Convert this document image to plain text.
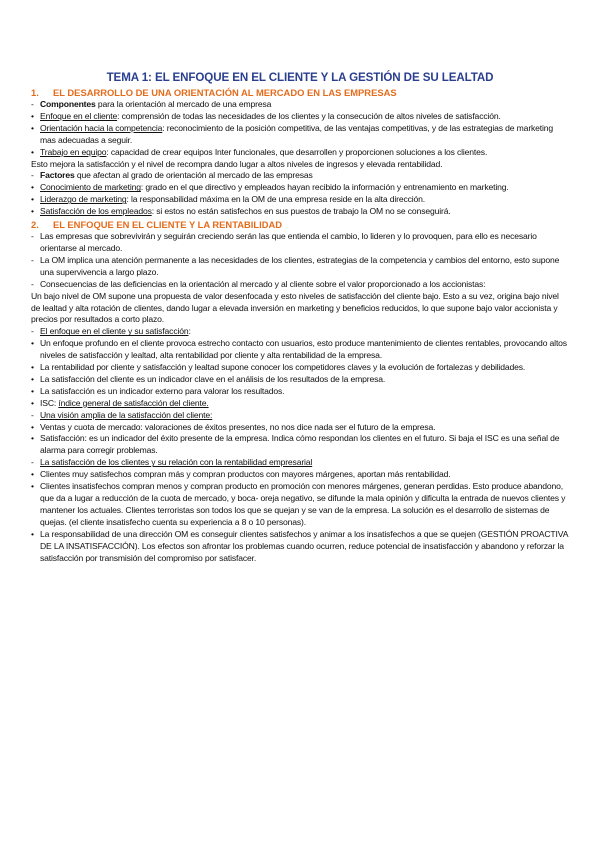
TEMA 1: EL ENFOQUE EN EL CLIENTE Y LA GESTIÓN DE SU LEALTAD
1.	EL DESARROLLO DE UNA ORIENTACIÓN AL MERCADO EN LAS EMPRESAS
- Componentes para la orientación al mercado de una empresa
• Enfoque en el cliente: comprensión de todas las necesidades de los clientes y la consecución de altos niveles de satisfacción.
• Orientación hacia la competencia: reconocimiento de la posición competitiva, de las ventajas competitivas, y de las estrategias de marketing mas adecuadas a seguir.
• Trabajo en equipo: capacidad de crear equipos Inter funcionales, que desarrollen y proporcionen soluciones a los clientes.
Esto mejora la satisfacción y el nivel de recompra dando lugar a altos niveles de ingresos y elevada rentabilidad.
- Factores que afectan al grado de orientación al mercado de las empresas
• Conocimiento de marketing: grado en el que directivo y empleados hayan recibido la información y entrenamiento en marketing.
• Liderazgo de marketing: la responsabilidad máxima en la OM de una empresa reside en la alta dirección.
• Satisfacción de los empleados: si estos no están satisfechos en sus puestos de trabajo la OM no se conseguirá.
2.	EL ENFOQUE EN EL CLIENTE Y LA RENTABILIDAD
- Las empresas que sobrevivirán y seguirán creciendo serán las que entienda el cambio, lo lideren y lo provoquen, para ello es necesario orientarse al mercado.
- La OM implica una atención permanente a las necesidades de los clientes, estrategias de la competencia y cambios del entorno, esto supone una supervivencia a largo plazo.
- Consecuencias de las deficiencias en la orientación al mercado y al cliente sobre el valor proporcionado a los accionistas:
Un bajo nivel de OM supone una propuesta de valor desenfocada y esto niveles de satisfacción del cliente bajo. Esto a su vez, origina bajo nivel de lealtad y alta rotación de clientes, dando lugar a elevada inversión en marketing y beneficios reducidos, lo que supone bajo valor accionista y precios por resultados a corto plazo.
- El enfoque en el cliente y su satisfacción:
• Un enfoque profundo en el cliente provoca estrecho contacto con usuarios, esto produce mantenimiento de clientes rentables, provocando altos niveles de satisfacción y lealtad, alta rentabilidad por cliente y alta rentabilidad de la empresa.
• La rentabilidad por cliente y satisfacción y lealtad supone conocer los competidores claves y la evolución de fortalezas y debilidades.
• La satisfacción del cliente es un indicador clave en el análisis de los resultados de la empresa.
• La satisfacción es un indicador externo para valorar los resultados.
• ISC: índice general de satisfacción del cliente.
- Una visión amplia de la satisfacción del cliente:
• Ventas y cuota de mercado: valoraciones de éxitos presentes, no nos dice nada ser el futuro de la empresa.
• Satisfacción: es un indicador del éxito presente de la empresa. Indica cómo respondan los clientes en el futuro. Si baja el ISC es una señal de alarma para corregir problemas.
- La satisfacción de los clientes y su relación con la rentabilidad empresarial
• Clientes muy satisfechos compran más y compran productos con mayores márgenes, aportan más rentabilidad.
• Clientes insatisfechos compran menos y compran producto en promoción con menores márgenes, generan perdidas. Esto produce abandono, que da a lugar a reducción de la cuota de mercado, y boca- oreja negativo, se difunde la mala opinión y dificulta la entrada de nuevos clientes y mantener los actuales. Clientes terroristas son todos los que se quejan y se van de la empresa. La solución es el desarrollo de sistemas de quejas. (el cliente insatisfecho cuenta su experiencia a 8 o 10 personas).
• La responsabilidad de una dirección OM es conseguir clientes satisfechos y animar a los insatisfechos a que se quejen (GESTIÓN PROACTIVA DE LA INSATISFACCIÓN). Los efectos son afrontar los problemas cuando ocurren, reduce potencial de insatisfacción y abandono y reforzar la satisfacción por transmisión del compromiso por satisfacer.
